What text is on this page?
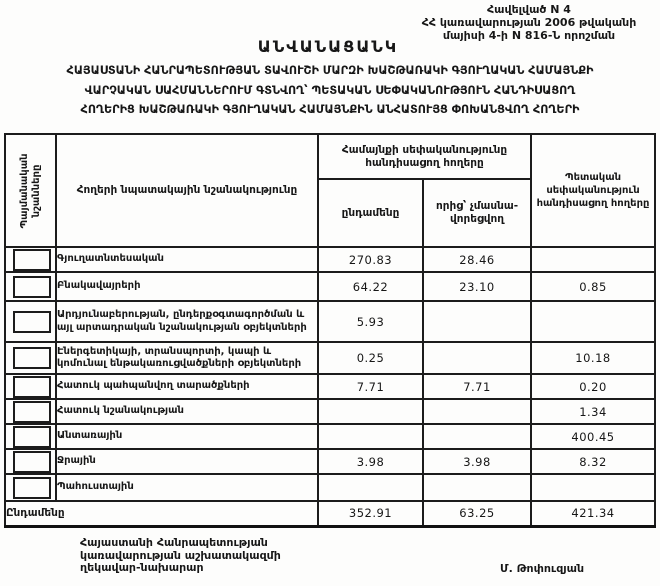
Հավելված N 4
ՀՀ կառավարության 2006 թվականի
մայիսի 4-ի N 816-Ն որոշման
ԱՆՎԱՆԱՑԱՆԿ
ՀԱՅԱՍՏԱՆԻ ՀԱՆՐԱՊԵՏՈՒԹՅԱՆ ՏԱՎՈՒՇԻ ՄԱՐԶԻ ԽԱՇԹԱՌԱԿԻ ԳՅՈՒՂԱԿԱՆ ՀԱՄԱՅՆՔԻ
ՎԱՐՉԱԿԱՆ ՍԱՀՄԱՆՆԵՐՈՒՄ ԳՏՆՎՈՂ՝ ՊԵՏԱԿԱՆ ՍԵՓԱԿԱՆՈՒԹՅՈՒՆ ՀԱՆԴԻՍԱՑՈՂ
ՀՈՂԵՐԻՑ ԽԱՇԹԱՌԱԿԻ ԳՅՈՒՂԱԿԱՆ ՀԱՄԱՅՆՔԻՆ ԱՆՀԱՏՈՒՅՑ ՓՈԽԱՆՑՎՈՂ ՀՈՂԵՐԻ
Պայմանական նշանները	Հողերի նպատակային նշանակությունը	Համայնքի սեփականությունը հանդիսացող հողերը		Պետական սեփականություն հանդիսացող հողերը
		ընդամենը	որից՝ չմասնա-վորեցվող	

	Գյուղատնտեսական	270.83	28.46	

	Բնակավայրերի	64.22	23.10	0.85

	Արդյունաբերության, ընդերքօգտագործման և այլ արտադրական նշանակության օբյեկտների	5.93		

	Էներգետիկայի, տրանսպորտի, կապի և կոմունալ ենթակառուցվածքների օբյեկտների	0.25		10.18

	Հատուկ պահպանվող տարածքների	7.71	7.71	0.20

	Հատուկ նշանակության			1.34

	Անտառային			400.45

	Ջրային	3.98	3.98	8.32

	Պահուստային			
Ընդամենը		352.91	63.25	421.34
Հայաստանի Հանրապետության
կառավարության աշխատակազմի
ղեկավար-նախարար	Մ. Թոփուզյան
